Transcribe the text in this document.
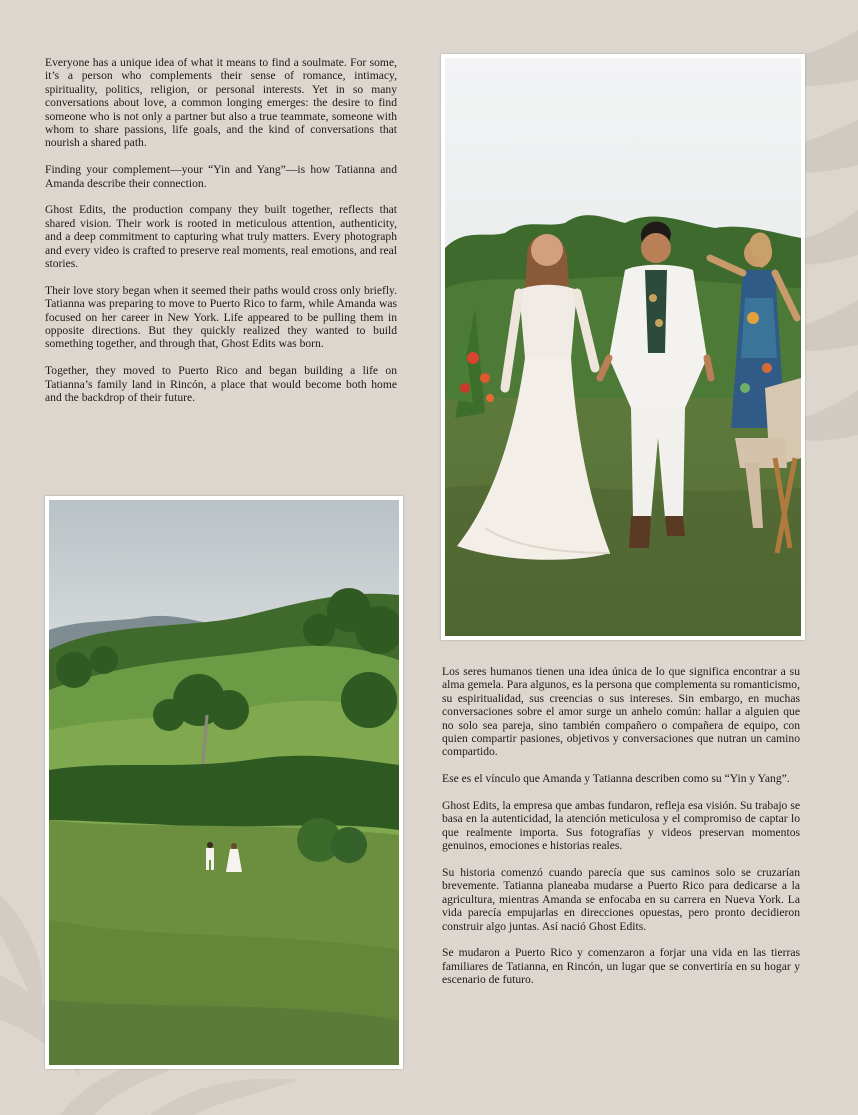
Everyone has a unique idea of what it means to find a soulmate. For some, it’s a person who complements their sense of romance, intimacy, spirituality, politics, religion, or personal interests. Yet in so many conversations about love, a common longing emerges: the desire to find someone who is not only a partner but also a true teammate, someone with whom to share passions, life goals, and the kind of conversations that nourish a shared path.

Finding your complement—your “Yin and Yang”—is how Tatianna and Amanda describe their connection.

Ghost Edits, the production company they built together, reflects that shared vision. Their work is rooted in meticulous attention, authenticity, and a deep commitment to capturing what truly matters. Every photograph and every video is crafted to preserve real moments, real emotions, and real stories.

Their love story began when it seemed their paths would cross only briefly. Tatianna was preparing to move to Puerto Rico to farm, while Amanda was focused on her career in New York. Life appeared to be pulling them in opposite directions. But they quickly realized they wanted to build something together, and through that, Ghost Edits was born.

Together, they moved to Puerto Rico and began building a life on Tatianna’s family land in Rincón, a place that would become both home and the backdrop of their future.

Los seres humanos tienen una idea única de lo que significa encontrar a su alma gemela. Para algunos, es la persona que complementa su romanticismo, su espiritualidad, sus creencias o sus intereses. Sin embargo, en muchas conversaciones sobre el amor surge un anhelo común: hallar a alguien que no solo sea pareja, sino también compañero o compañera de equipo, con quien compartir pasiones, objetivos y conversaciones que nutran un camino compartido.

Ese es el vínculo que Amanda y Tatianna describen como su “Yin y Yang”.

Ghost Edits, la empresa que ambas fundaron, refleja esa visión. Su trabajo se basa en la autenticidad, la atención meticulosa y el compromiso de captar lo que realmente importa. Sus fotografías y videos preservan momentos genuinos, emociones e historias reales.

Su historia comenzó cuando parecía que sus caminos solo se cruzarían brevemente. Tatianna planeaba mudarse a Puerto Rico para dedicarse a la agricultura, mientras Amanda se enfocaba en su carrera en Nueva York. La vida parecía empujarlas en direcciones opuestas, pero pronto decidieron construir algo juntas. Así nació Ghost Edits.

Se mudaron a Puerto Rico y comenzaron a forjar una vida en las tierras familiares de Tatianna, en Rincón, un lugar que se convertiría en su hogar y escenario de futuro.
